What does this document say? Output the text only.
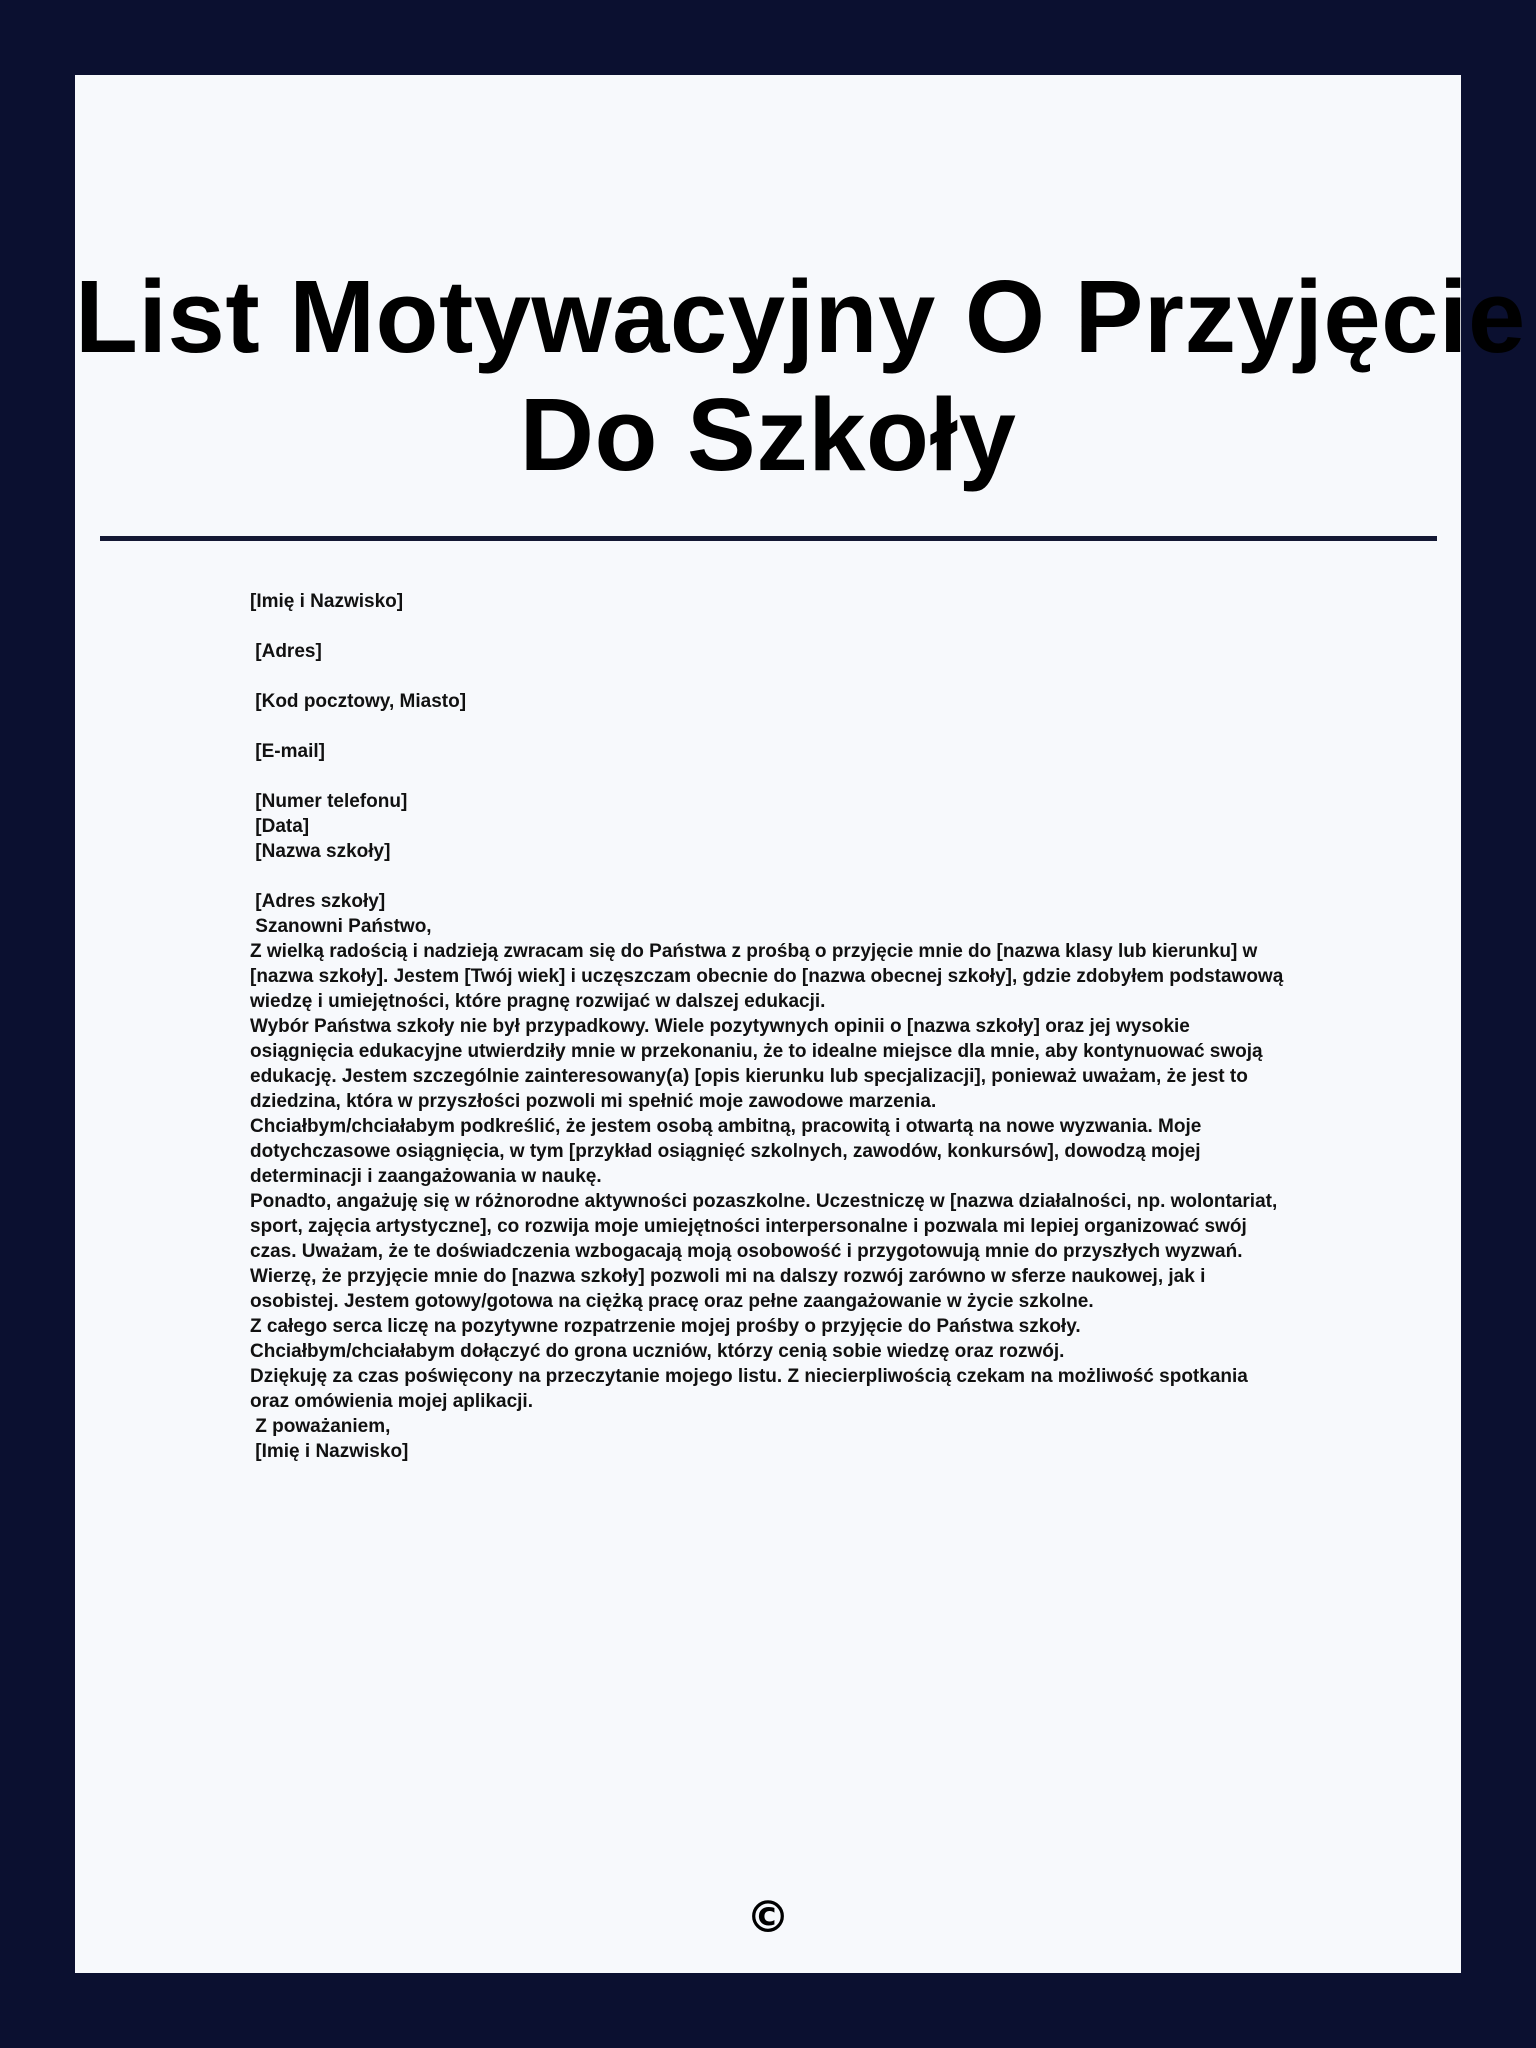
List Motywacyjny O Przyjęcie
Do Szkoły
[Imię i Nazwisko]
[Adres]
[Kod pocztowy, Miasto]
[E-mail]
[Numer telefonu]
[Data]
[Nazwa szkoły]
[Adres szkoły]
Szanowni Państwo,
Z wielką radością i nadzieją zwracam się do Państwa z prośbą o przyjęcie mnie do [nazwa klasy lub kierunku] w [nazwa szkoły]. Jestem [Twój wiek] i uczęszczam obecnie do [nazwa obecnej szkoły], gdzie zdobyłem podstawową wiedzę i umiejętności, które pragnę rozwijać w dalszej edukacji.
Wybór Państwa szkoły nie był przypadkowy. Wiele pozytywnych opinii o [nazwa szkoły] oraz jej wysokie osiągnięcia edukacyjne utwierdziły mnie w przekonaniu, że to idealne miejsce dla mnie, aby kontynuować swoją edukację. Jestem szczególnie zainteresowany(a) [opis kierunku lub specjalizacji], ponieważ uważam, że jest to dziedzina, która w przyszłości pozwoli mi spełnić moje zawodowe marzenia.
Chciałbym/chciałabym podkreślić, że jestem osobą ambitną, pracowitą i otwartą na nowe wyzwania. Moje dotychczasowe osiągnięcia, w tym [przykład osiągnięć szkolnych, zawodów, konkursów], dowodzą mojej determinacji i zaangażowania w naukę.
Ponadto, angażuję się w różnorodne aktywności pozaszkolne. Uczestniczę w [nazwa działalności, np. wolontariat, sport, zajęcia artystyczne], co rozwija moje umiejętności interpersonalne i pozwala mi lepiej organizować swój czas. Uważam, że te doświadczenia wzbogacają moją osobowość i przygotowują mnie do przyszłych wyzwań.
Wierzę, że przyjęcie mnie do [nazwa szkoły] pozwoli mi na dalszy rozwój zarówno w sferze naukowej, jak i osobistej. Jestem gotowy/gotowa na ciężką pracę oraz pełne zaangażowanie w życie szkolne.
Z całego serca liczę na pozytywne rozpatrzenie mojej prośby o przyjęcie do Państwa szkoły. Chciałbym/chciałabym dołączyć do grona uczniów, którzy cenią sobie wiedzę oraz rozwój.
Dziękuję za czas poświęcony na przeczytanie mojego listu. Z niecierpliwością czekam na możliwość spotkania oraz omówienia mojej aplikacji.
Z poważaniem,
[Imię i Nazwisko]
©
